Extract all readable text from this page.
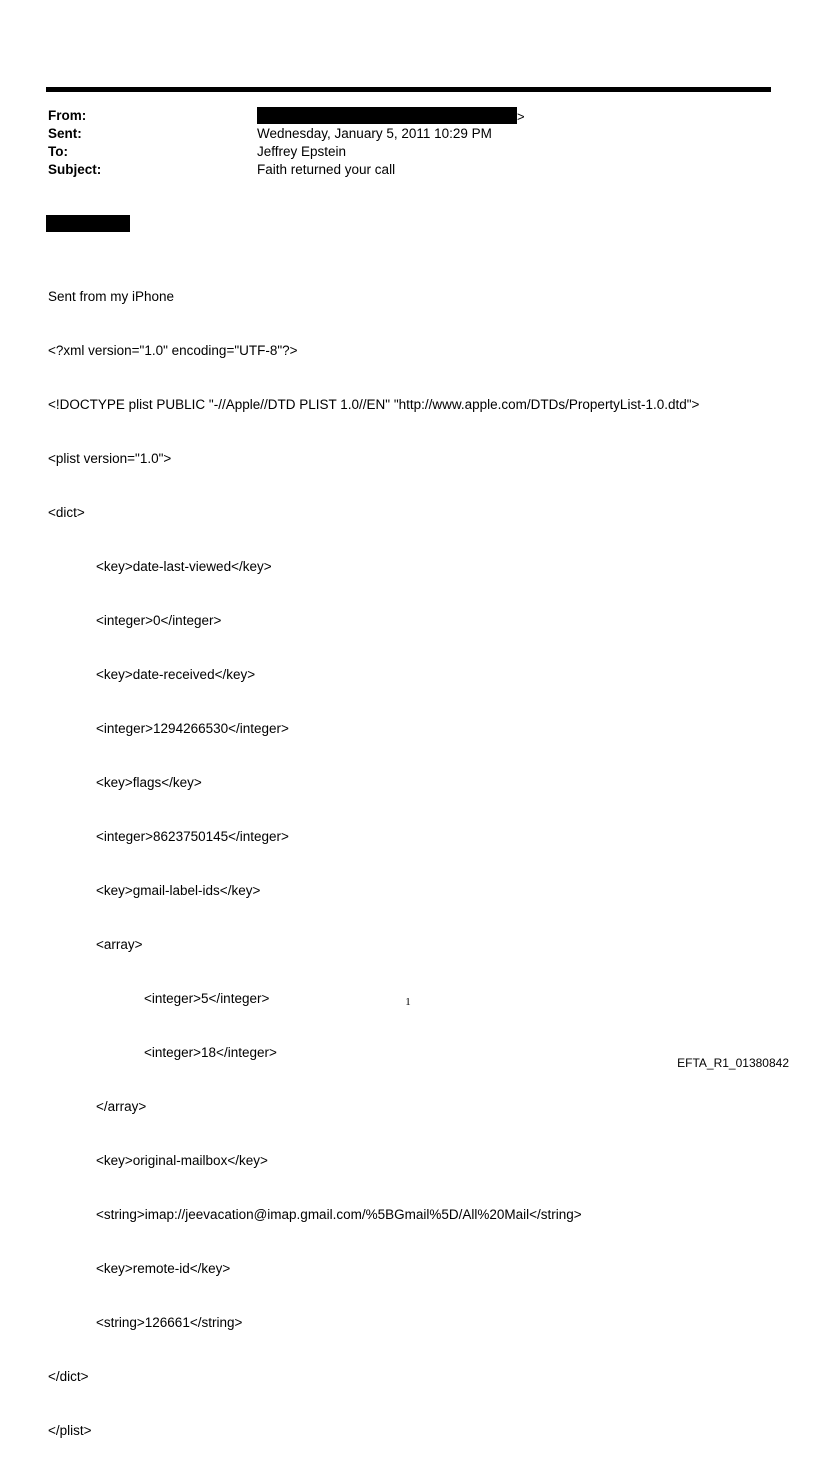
From:	>
Sent:	Wednesday, January 5, 2011 10:29 PM
To:	Jeffrey Epstein
Subject:	Faith returned your call

Sent from my iPhone

<?xml version="1.0" encoding="UTF-8"?>

<!DOCTYPE plist PUBLIC "-//Apple//DTD PLIST 1.0//EN" "http://www.apple.com/DTDs/PropertyList-1.0.dtd">

<plist version="1.0">

<dict>

<key>date-last-viewed</key>

<integer>0</integer>

<key>date-received</key>

<integer>1294266530</integer>

<key>flags</key>

<integer>8623750145</integer>

<key>gmail-label-ids</key>

<array>

<integer>5</integer>

<integer>18</integer>

</array>

<key>original-mailbox</key>

<string>imap://jeevacation@imap.gmail.com/%5BGmail%5D/All%20Mail</string>

<key>remote-id</key>

<string>126661</string>

</dict>

</plist>

1
EFTA_R1_01380842
